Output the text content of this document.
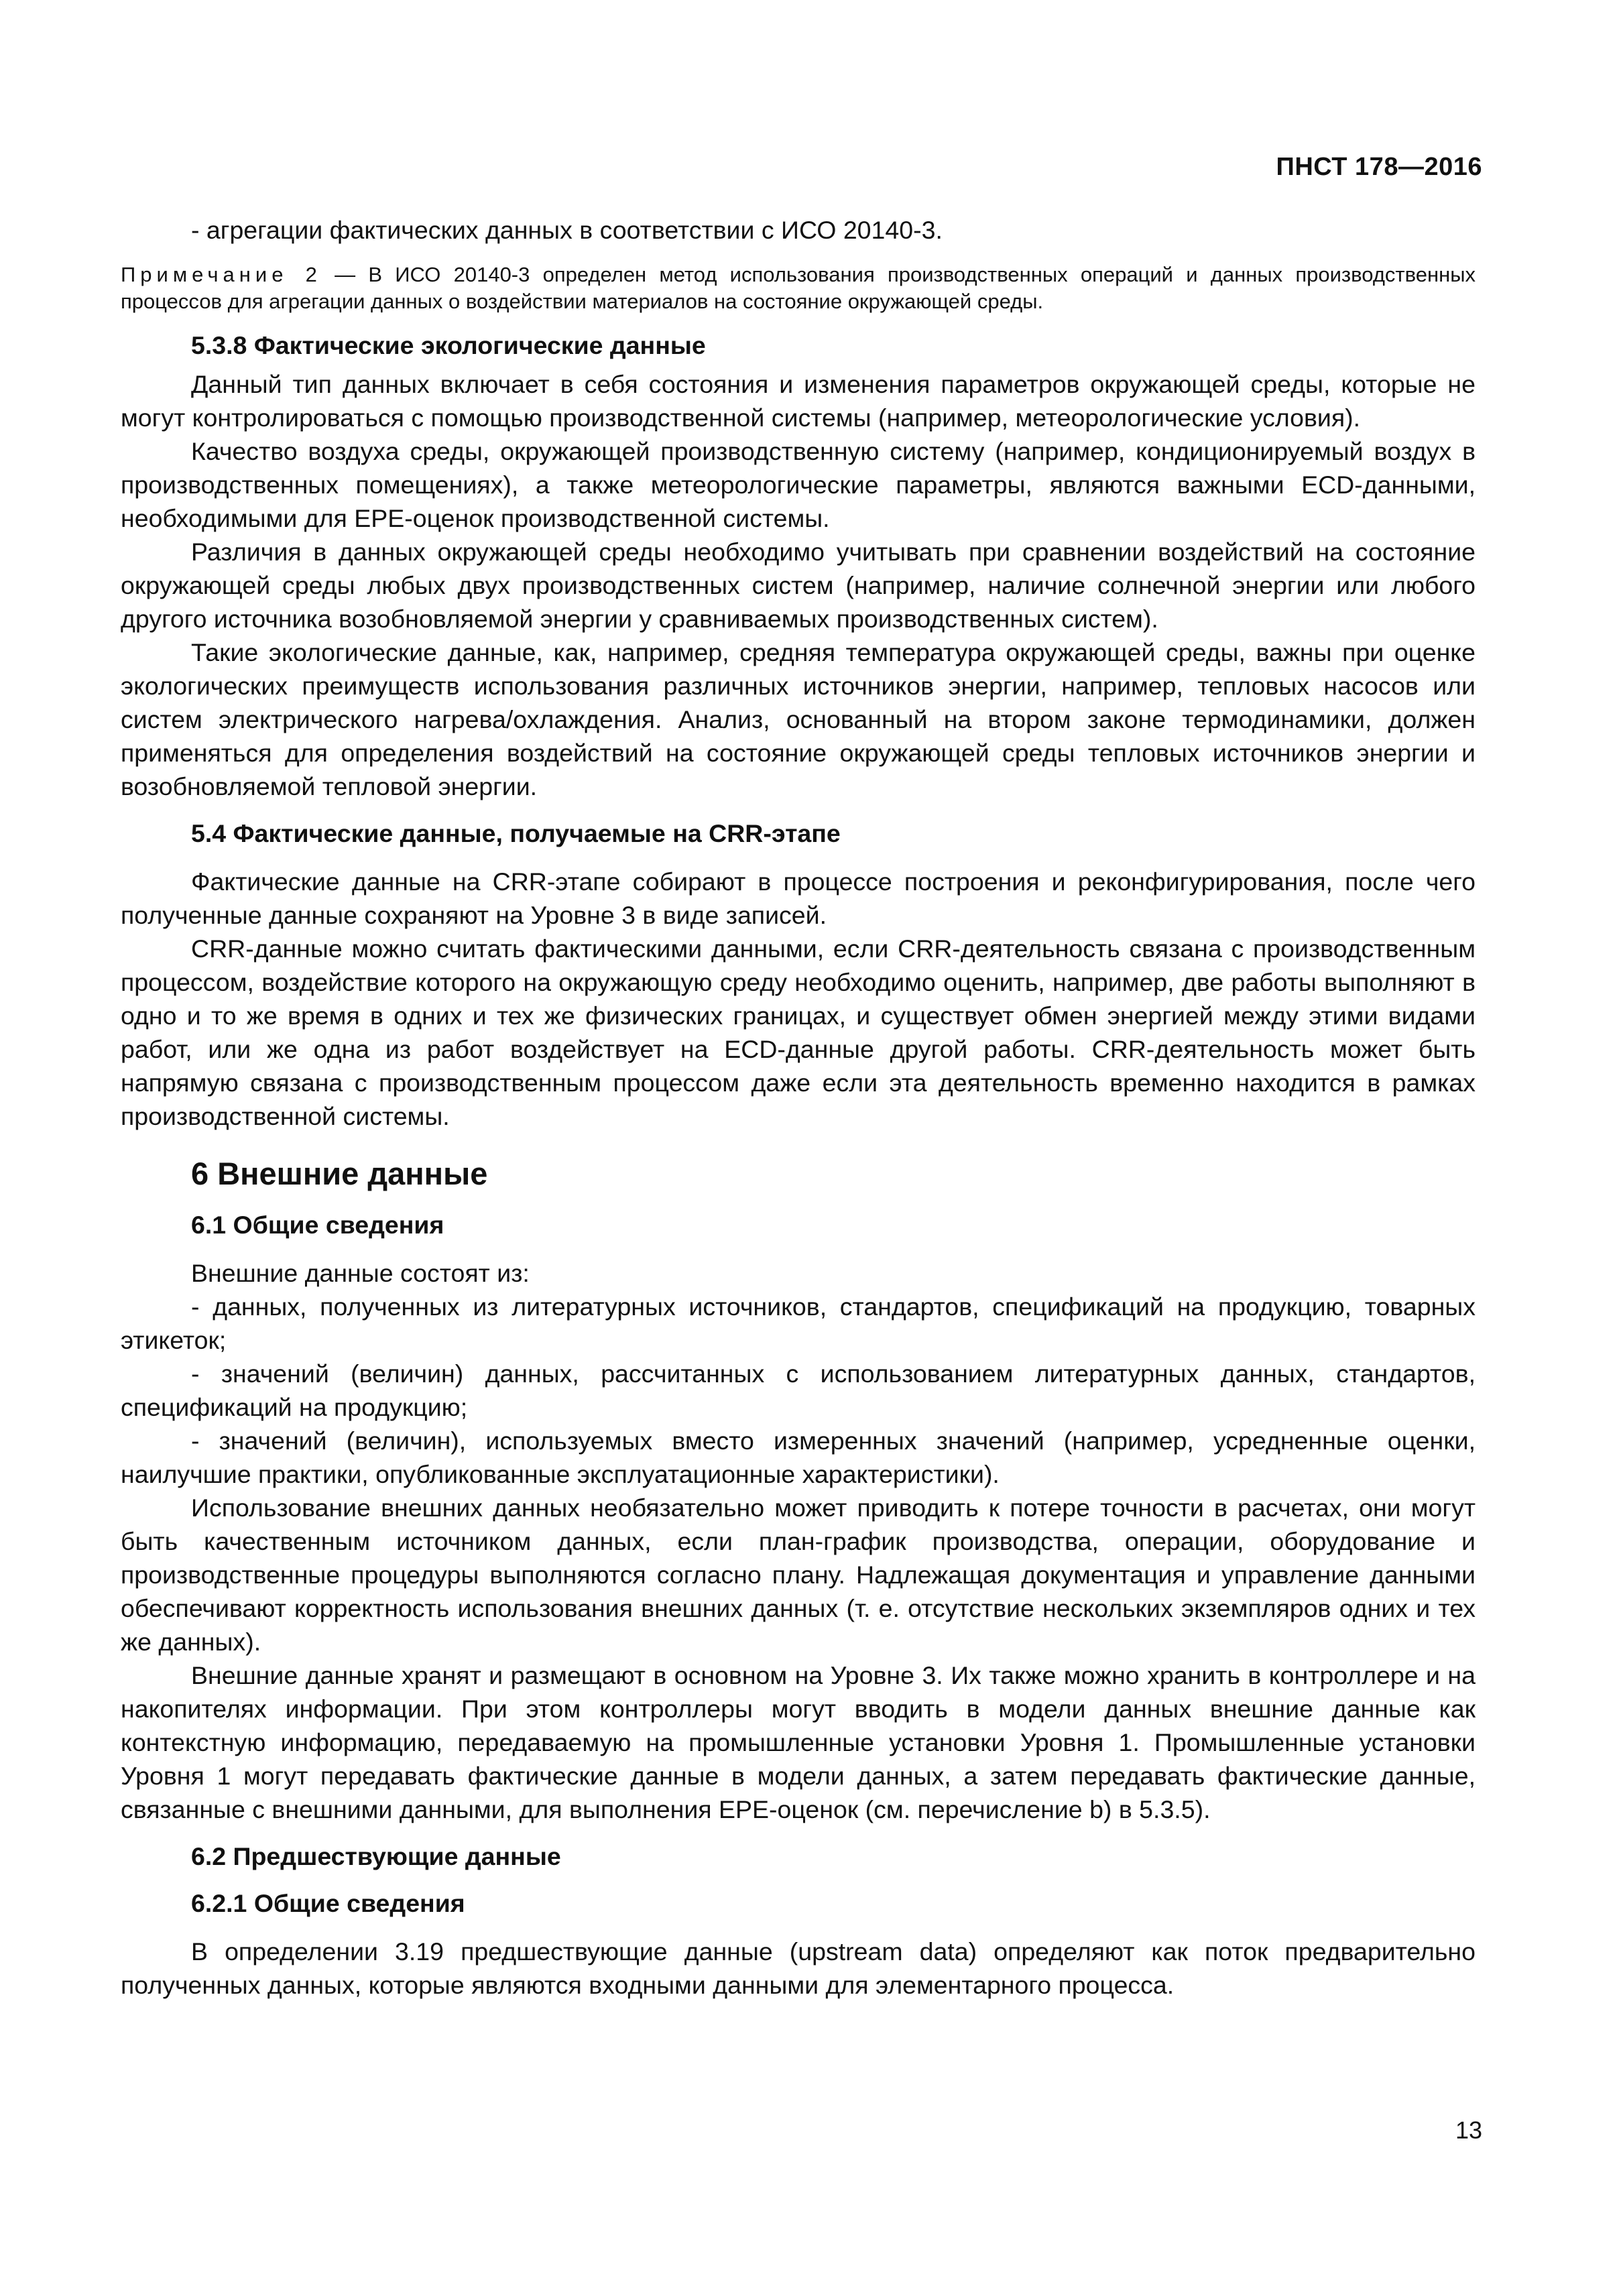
ПНСТ 178—2016

- агрегации фактических данных в соответствии с ИСО 20140-3.

Примечание 2 — В ИСО 20140-3 определен метод использования производственных операций и данных производственных процессов для агрегации данных о воздействии материалов на состояние окружающей среды.

5.3.8 Фактические экологические данные

Данный тип данных включает в себя состояния и изменения параметров окружающей среды, которые не могут контролироваться с помощью производственной системы (например, метеорологические условия).

Качество воздуха среды, окружающей производственную систему (например, кондиционируемый воздух в производственных помещениях), а также метеорологические параметры, являются важными ECD-данными, необходимыми для EPE-оценок производственной системы.

Различия в данных окружающей среды необходимо учитывать при сравнении воздействий на состояние окружающей среды любых двух производственных систем (например, наличие солнечной энергии или любого другого источника возобновляемой энергии у сравниваемых производственных систем).

Такие экологические данные, как, например, средняя температура окружающей среды, важны при оценке экологических преимуществ использования различных источников энергии, например, тепловых насосов или систем электрического нагрева/охлаждения. Анализ, основанный на втором законе термодинамики, должен применяться для определения воздействий на состояние окружающей среды тепловых источников энергии и возобновляемой тепловой энергии.

5.4 Фактические данные, получаемые на CRR-этапе

Фактические данные на CRR-этапе собирают в процессе построения и реконфигурирования, после чего полученные данные сохраняют на Уровне 3 в виде записей.

CRR-данные можно считать фактическими данными, если CRR-деятельность связана с производственным процессом, воздействие которого на окружающую среду необходимо оценить, например, две работы выполняют в одно и то же время в одних и тех же физических границах, и существует обмен энергией между этими видами работ, или же одна из работ воздействует на ECD-данные другой работы. CRR-деятельность может быть напрямую связана с производственным процессом даже если эта деятельность временно находится в рамках производственной системы.

6 Внешние данные

6.1 Общие сведения

Внешние данные состоят из:

- данных, полученных из литературных источников, стандартов, спецификаций на продукцию, товарных этикеток;

- значений (величин) данных, рассчитанных с использованием литературных данных, стандартов, спецификаций на продукцию;

- значений (величин), используемых вместо измеренных значений (например, усредненные оценки, наилучшие практики, опубликованные эксплуатационные характеристики).

Использование внешних данных необязательно может приводить к потере точности в расчетах, они могут быть качественным источником данных, если план-график производства, операции, оборудование и производственные процедуры выполняются согласно плану. Надлежащая документация и управление данными обеспечивают корректность использования внешних данных (т. е. отсутствие нескольких экземпляров одних и тех же данных).

Внешние данные хранят и размещают в основном на Уровне 3. Их также можно хранить в контроллере и на накопителях информации. При этом контроллеры могут вводить в модели данных внешние данные как контекстную информацию, передаваемую на промышленные установки Уровня 1. Промышленные установки Уровня 1 могут передавать фактические данные в модели данных, а затем передавать фактические данные, связанные с внешними данными, для выполнения EPE-оценок (см. перечисление b) в 5.3.5).

6.2 Предшествующие данные

6.2.1 Общие сведения

В определении 3.19 предшествующие данные (upstream data) определяют как поток предварительно полученных данных, которые являются входными данными для элементарного процесса.

13
